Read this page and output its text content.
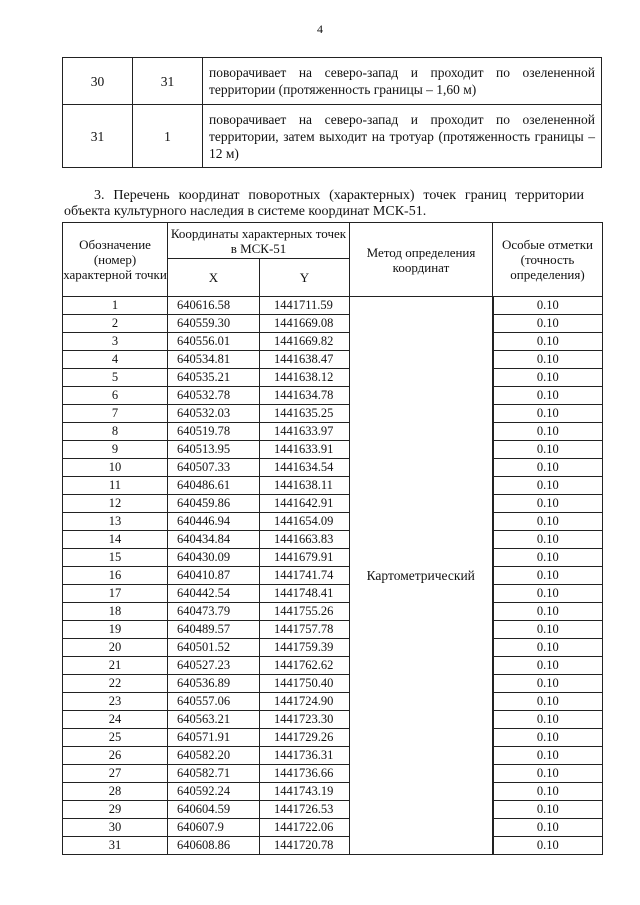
4
30	31	поворачивает на северо-запад и проходит по озелененной территории (протяженность границы – 1,60 м)
31	1	поворачивает на северо-запад и проходит по озелененной территории, затем выходит на тротуар (протяженность границы – 12 м)
3. Перечень координат поворотных (характерных) точек границ территории объекта культурного наследия в системе координат МСК-51.
Обозначение (номер) характерной точки	Координаты характерных точек в МСК-51		Метод определения координат	Особые отметки (точность определения)
	X	Y		
1	640616.58	1441711.59	Картометрический	0.10
2	640559.30	1441669.08		0.10
3	640556.01	1441669.82		0.10
4	640534.81	1441638.47		0.10
5	640535.21	1441638.12		0.10
6	640532.78	1441634.78		0.10
7	640532.03	1441635.25		0.10
8	640519.78	1441633.97		0.10
9	640513.95	1441633.91		0.10
10	640507.33	1441634.54		0.10
11	640486.61	1441638.11		0.10
12	640459.86	1441642.91		0.10
13	640446.94	1441654.09		0.10
14	640434.84	1441663.83		0.10
15	640430.09	1441679.91		0.10
16	640410.87	1441741.74		0.10
17	640442.54	1441748.41		0.10
18	640473.79	1441755.26		0.10
19	640489.57	1441757.78		0.10
20	640501.52	1441759.39		0.10
21	640527.23	1441762.62		0.10
22	640536.89	1441750.40		0.10
23	640557.06	1441724.90		0.10
24	640563.21	1441723.30		0.10
25	640571.91	1441729.26		0.10
26	640582.20	1441736.31		0.10
27	640582.71	1441736.66		0.10
28	640592.24	1441743.19		0.10
29	640604.59	1441726.53		0.10
30	640607.9	1441722.06		0.10
31	640608.86	1441720.78		0.10
